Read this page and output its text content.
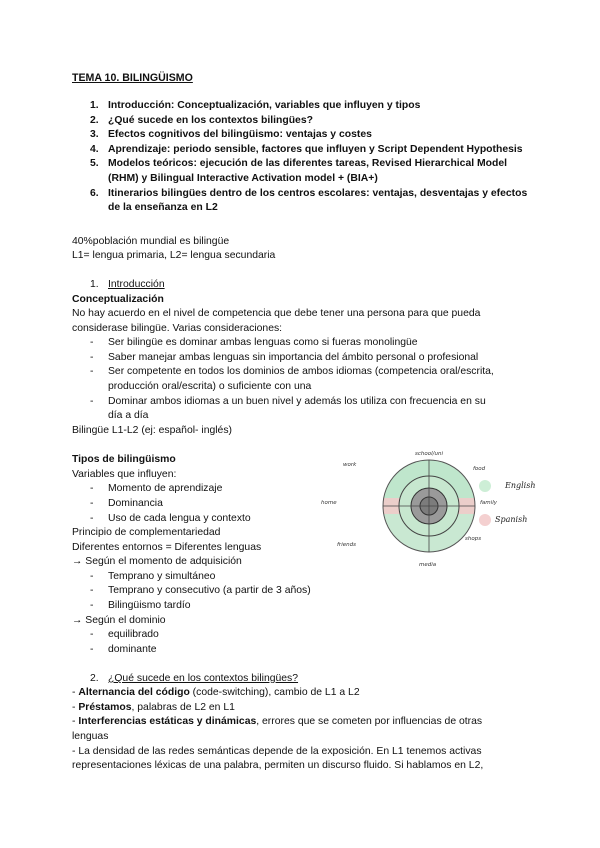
TEMA 10. BILINGÜISMO
1. Introducción: Conceptualización, variables que influyen y tipos
2. ¿Qué sucede en los contextos bilingües?
3. Efectos cognitivos del bilingüismo: ventajas y costes
4. Aprendizaje: periodo sensible, factores que influyen y Script Dependent Hypothesis
5. Modelos teóricos: ejecución de las diferentes tareas, Revised Hierarchical Model (RHM) y Bilingual Interactive Activation model + (BIA+)
6. Itinerarios bilingües dentro de los centros escolares: ventajas, desventajas y efectos de la enseñanza en L2
40%población mundial es bilingüe
L1= lengua primaria, L2= lengua secundaria
1. Introducción
Conceptualización
No hay acuerdo en el nivel de competencia que debe tener una persona para que pueda
considerase bilingüe. Varias consideraciones:
- Ser bilingüe es dominar ambas lenguas como si fueras monolingüe
- Saber manejar ambas lenguas sin importancia del ámbito personal o profesional
- Ser competente en todos los dominios de ambos idiomas (competencia oral/escrita,
producción oral/escrita) o suficiente con una
- Dominar ambos idiomas a un buen nivel y además los utiliza con frecuencia en su
día a día
Bilingüe L1-L2 (ej: español- inglés)
Tipos de bilingüismo
Variables que influyen:
- Momento de aprendizaje
- Dominancia
- Uso de cada lengua y contexto
Principio de complementariedad
Diferentes entornos = Diferentes lenguas
→ Según el momento de adquisición
- Temprano y simultáneo
- Temprano y consecutivo (a partir de 3 años)
- Bilingüismo tardío
→ Según el dominio
- equilibrado
- dominante
school/uni
food
family
shops
media
friends
home
work
English
Spanish
2. ¿Qué sucede en los contextos bilingües?
- Alternancia del código (code-switching), cambio de L1 a L2
- Préstamos, palabras de L2 en L1
- Interferencias estáticas y dinámicas, errores que se cometen por influencias de otras
lenguas
- La densidad de las redes semánticas depende de la exposición. En L1 tenemos activas
representaciones léxicas de una palabra, permiten un discurso fluido. Si hablamos en L2,
